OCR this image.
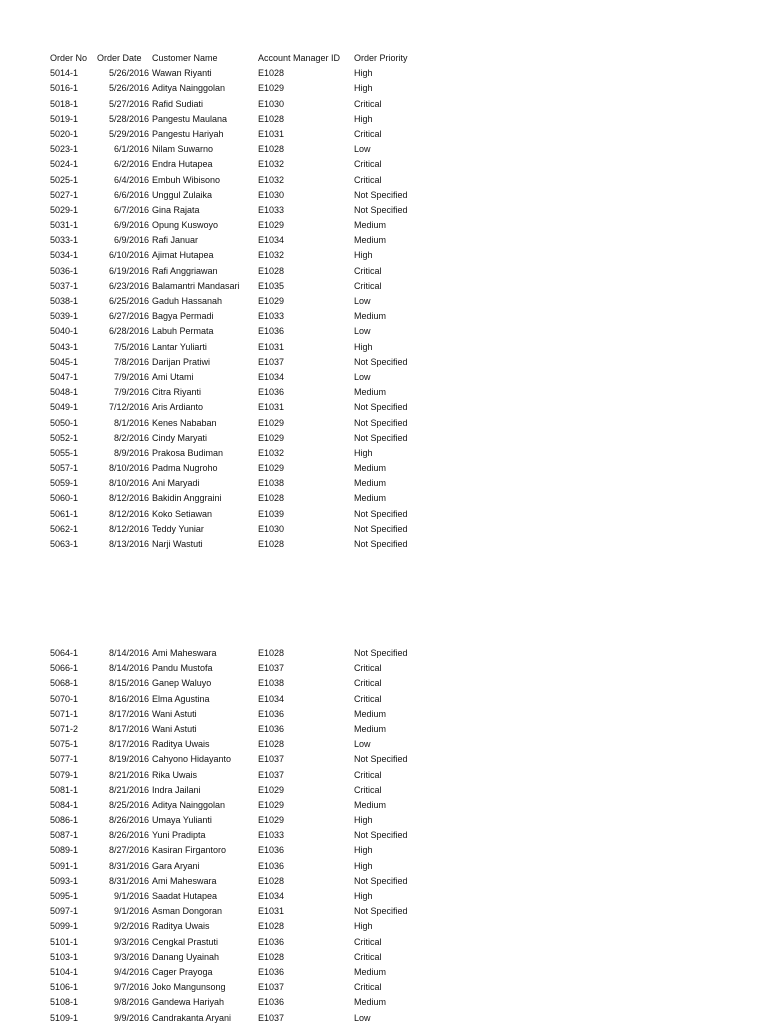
Order No	Order Date Customer Name	Account Manager ID	Order Priority
5014-1	5/26/2016 Wawan Riyanti	E1028	High
5016-1	5/26/2016 Aditya Nainggolan	E1029	High
5018-1	5/27/2016 Rafid Sudiati	E1030	Critical
5019-1	5/28/2016 Pangestu Maulana	E1028	High
5020-1	5/29/2016 Pangestu Hariyah	E1031	Critical
5023-1	6/1/2016 Nilam Suwarno	E1028	Low
5024-1	6/2/2016 Endra Hutapea	E1032	Critical
5025-1	6/4/2016 Embuh Wibisono	E1032	Critical
5027-1	6/6/2016 Unggul Zulaika	E1030	Not Specified
5029-1	6/7/2016 Gina Rajata	E1033	Not Specified
5031-1	6/9/2016 Opung Kuswoyo	E1029	Medium
5033-1	6/9/2016 Rafi Januar	E1034	Medium
5034-1	6/10/2016 Ajimat Hutapea	E1032	High
5036-1	6/19/2016 Rafi Anggriawan	E1028	Critical
5037-1	6/23/2016 Balamantri Mandasari	E1035	Critical
5038-1	6/25/2016 Gaduh Hassanah	E1029	Low
5039-1	6/27/2016 Bagya Permadi	E1033	Medium
5040-1	6/28/2016 Labuh Permata	E1036	Low
5043-1	7/5/2016 Lantar Yuliarti	E1031	High
5045-1	7/8/2016 Darijan Pratiwi	E1037	Not Specified
5047-1	7/9/2016 Ami Utami	E1034	Low
5048-1	7/9/2016 Citra Riyanti	E1036	Medium
5049-1	7/12/2016 Aris Ardianto	E1031	Not Specified
5050-1	8/1/2016 Kenes Nababan	E1029	Not Specified
5052-1	8/2/2016 Cindy Maryati	E1029	Not Specified
5055-1	8/9/2016 Prakosa Budiman	E1032	High
5057-1	8/10/2016 Padma Nugroho	E1029	Medium
5059-1	8/10/2016 Ani Maryadi	E1038	Medium
5060-1	8/12/2016 Bakidin Anggraini	E1028	Medium
5061-1	8/12/2016 Koko Setiawan	E1039	Not Specified
5062-1	8/12/2016 Teddy Yuniar	E1030	Not Specified
5063-1	8/13/2016 Narji Wastuti	E1028	Not Specified
5064-1	8/14/2016 Ami Maheswara	E1028	Not Specified
5066-1	8/14/2016 Pandu Mustofa	E1037	Critical
5068-1	8/15/2016 Ganep Waluyo	E1038	Critical
5070-1	8/16/2016 Elma Agustina	E1034	Critical
5071-1	8/17/2016 Wani Astuti	E1036	Medium
5071-2	8/17/2016 Wani Astuti	E1036	Medium
5075-1	8/17/2016 Raditya Uwais	E1028	Low
5077-1	8/19/2016 Cahyono Hidayanto	E1037	Not Specified
5079-1	8/21/2016 Rika Uwais	E1037	Critical
5081-1	8/21/2016 Indra Jailani	E1029	Critical
5084-1	8/25/2016 Aditya Nainggolan	E1029	Medium
5086-1	8/26/2016 Umaya Yulianti	E1029	High
5087-1	8/26/2016 Yuni Pradipta	E1033	Not Specified
5089-1	8/27/2016 Kasiran Firgantoro	E1036	High
5091-1	8/31/2016 Gara Aryani	E1036	High
5093-1	8/31/2016 Ami Maheswara	E1028	Not Specified
5095-1	9/1/2016 Saadat Hutapea	E1034	High
5097-1	9/1/2016 Asman Dongoran	E1031	Not Specified
5099-1	9/2/2016 Raditya Uwais	E1028	High
5101-1	9/3/2016 Cengkal Prastuti	E1036	Critical
5103-1	9/3/2016 Danang Uyainah	E1028	Critical
5104-1	9/4/2016 Cager Prayoga	E1036	Medium
5106-1	9/7/2016 Joko Mangunsong	E1037	Critical
5108-1	9/8/2016 Gandewa Hariyah	E1036	Medium
5109-1	9/9/2016 Candrakanta Aryani	E1037	Low
